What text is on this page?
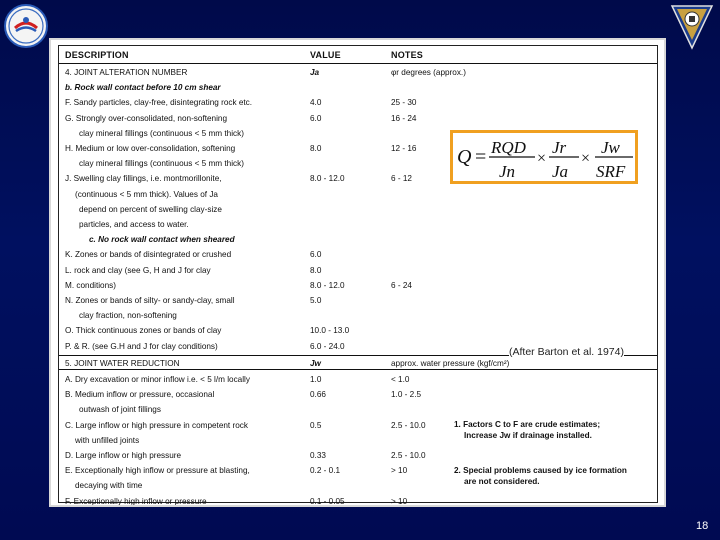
DESCRIPTION	VALUE	NOTES
4. JOINT ALTERATION NUMBER	Ja	φr degrees (approx.)
b. Rock wall contact before 10 cm shear
F. Sandy particles, clay-free, disintegrating rock etc.	4.0	25 - 30
G. Strongly over-consolidated, non-softening	6.0	16 - 24
clay mineral fillings (continuous < 5 mm thick)
H. Medium or low over-consolidation, softening	8.0	12 - 16
clay mineral fillings (continuous < 5 mm thick)
J. Swelling clay fillings, i.e. montmorillonite,	8.0 - 12.0	6 - 12
(continuous < 5 mm thick). Values of Ja
depend on percent of swelling clay-size
particles, and access to water.
c. No rock wall contact when sheared
K. Zones or bands of disintegrated or crushed	6.0
L. rock and clay (see G, H and J for clay	8.0
M. conditions)	8.0 - 12.0	6 - 24
N. Zones or bands of silty- or sandy-clay, small	5.0
clay fraction, non-softening
O. Thick continuous zones or bands of clay	10.0 - 13.0
P. & R. (see G.H and J for clay conditions)	6.0 - 24.0
5. JOINT WATER REDUCTION	Jw	approx. water pressure (kgf/cm²)
A. Dry excavation or minor inflow i.e. < 5 l/m locally	1.0	< 1.0
B. Medium inflow or pressure, occasional	0.66	1.0 - 2.5
outwash of joint fillings
C. Large inflow or high pressure in competent rock	0.5	2.5 - 10.0
with unfilled joints
D. Large inflow or high pressure	0.33	2.5 - 10.0
E. Exceptionally high inflow or pressure at blasting,	0.2 - 0.1	> 10
decaying with time
F. Exceptionally high inflow or pressure	0.1 - 0.05	> 10
1. Factors C to F are crude estimates;
Increase Jw if drainage installed.
2. Special problems caused by ice formation
are not considered.
Q = RQD
Jn
×
Jr
Ja
×
Jw
SRF
(After Barton et al. 1974)
18
